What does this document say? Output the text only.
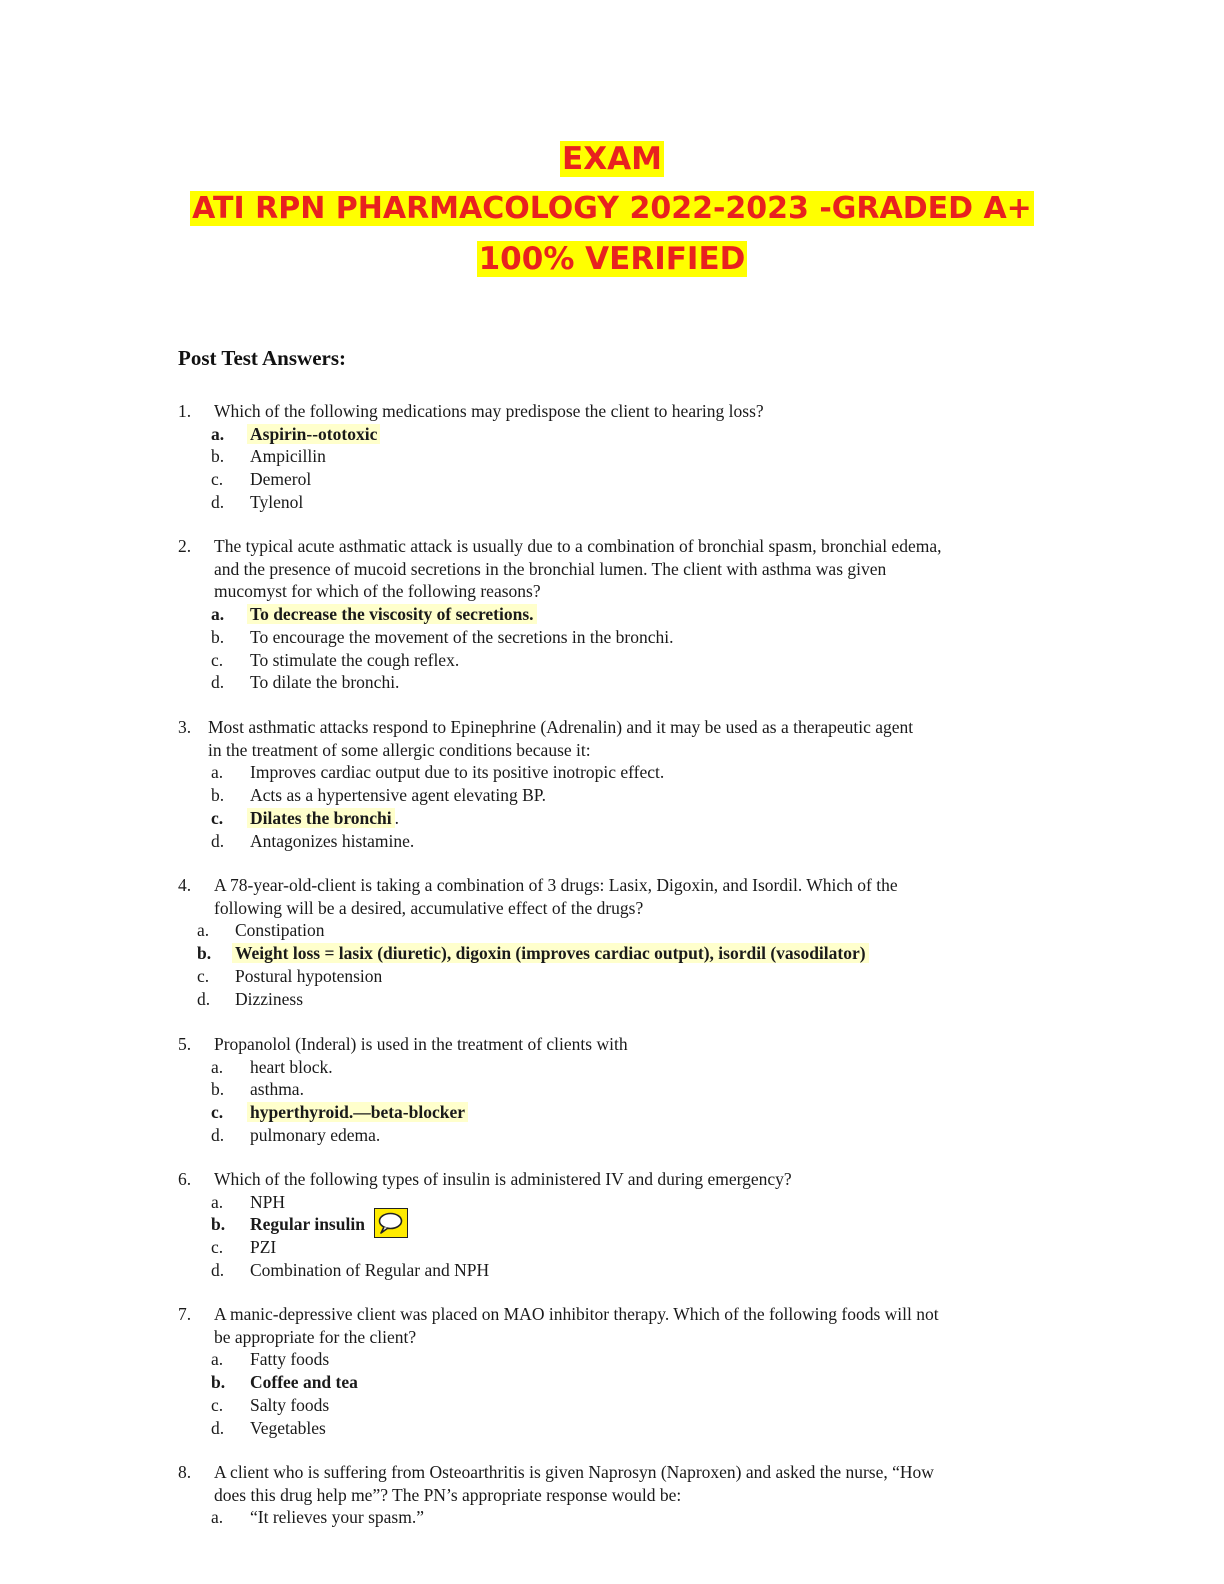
EXAM
ATI RPN PHARMACOLOGY 2022-2023 -GRADED A+
100% VERIFIED
Post Test Answers:
1. Which of the following medications may predispose the client to hearing loss?
a. Aspirin--ototoxic
b. Ampicillin
c. Demerol
d. Tylenol
2. The typical acute asthmatic attack is usually due to a combination of bronchial spasm, bronchial edema,
and the presence of mucoid secretions in the bronchial lumen. The client with asthma was given
mucomyst for which of the following reasons?
a. To decrease the viscosity of secretions.
b. To encourage the movement of the secretions in the bronchi.
c. To stimulate the cough reflex.
d. To dilate the bronchi.
3. Most asthmatic attacks respond to Epinephrine (Adrenalin) and it may be used as a therapeutic agent
in the treatment of some allergic conditions because it:
a. Improves cardiac output due to its positive inotropic effect.
b. Acts as a hypertensive agent elevating BP.
c. Dilates the bronchi .
d. Antagonizes histamine.
4. A 78-year-old-client is taking a combination of 3 drugs: Lasix, Digoxin, and Isordil. Which of the
following will be a desired, accumulative effect of the drugs?
a. Constipation
b. Weight loss = lasix (diuretic), digoxin (improves cardiac output), isordil (vasodilator)
c. Postural hypotension
d. Dizziness
5. Propanolol (Inderal) is used in the treatment of clients with
a. heart block.
b. asthma.
c. hyperthyroid.—beta-blocker
d. pulmonary edema.
6. Which of the following types of insulin is administered IV and during emergency?
a. NPH
b. Regular insulin
c. PZI
d. Combination of Regular and NPH
7. A manic-depressive client was placed on MAO inhibitor therapy. Which of the following foods will not
be appropriate for the client?
a. Fatty foods
b. Coffee and tea
c. Salty foods
d. Vegetables
8. A client who is suffering from Osteoarthritis is given Naprosyn (Naproxen) and asked the nurse, “How
does this drug help me”? The PN’s appropriate response would be:
a. “It relieves your spasm.”
